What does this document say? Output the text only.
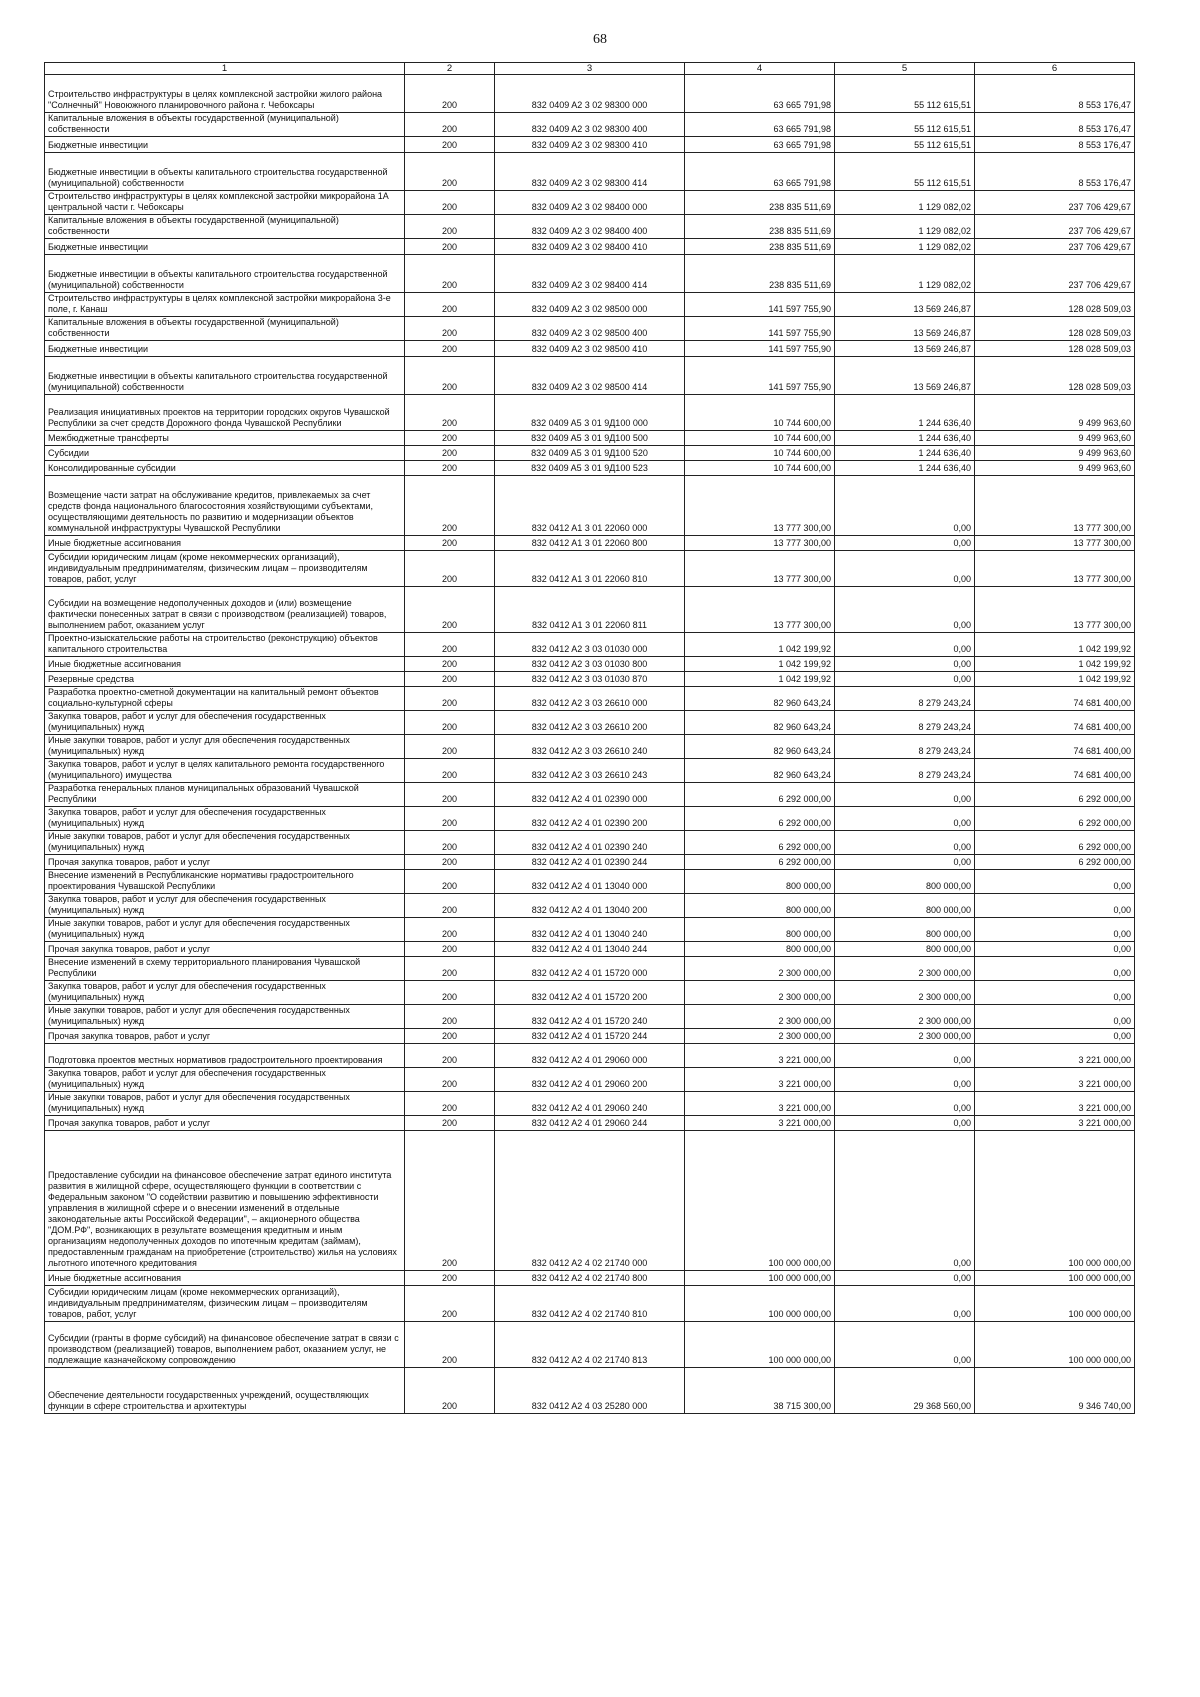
68
1	2	3	4	5	6
Строительство инфраструктуры в целях комплексной застройки жилого района "Солнечный" Новоюжного планировочного района г. Чебоксары	200	832 0409 A2 3 02 98300 000	63 665 791,98	55 112 615,51	8 553 176,47
Капитальные вложения в объекты государственной (муниципальной) собственности	200	832 0409 A2 3 02 98300 400	63 665 791,98	55 112 615,51	8 553 176,47
Бюджетные инвестиции	200	832 0409 A2 3 02 98300 410	63 665 791,98	55 112 615,51	8 553 176,47
Бюджетные инвестиции в объекты капитального строительства государственной (муниципальной) собственности	200	832 0409 A2 3 02 98300 414	63 665 791,98	55 112 615,51	8 553 176,47
Строительство инфраструктуры в целях комплексной застройки микрорайона 1А центральной части г. Чебоксары	200	832 0409 A2 3 02 98400 000	238 835 511,69	1 129 082,02	237 706 429,67
Капитальные вложения в объекты государственной (муниципальной) собственности	200	832 0409 A2 3 02 98400 400	238 835 511,69	1 129 082,02	237 706 429,67
Бюджетные инвестиции	200	832 0409 A2 3 02 98400 410	238 835 511,69	1 129 082,02	237 706 429,67
Бюджетные инвестиции в объекты капитального строительства государственной (муниципальной) собственности	200	832 0409 A2 3 02 98400 414	238 835 511,69	1 129 082,02	237 706 429,67
Строительство инфраструктуры в целях комплексной застройки микрорайона 3-е поле, г. Канаш	200	832 0409 A2 3 02 98500 000	141 597 755,90	13 569 246,87	128 028 509,03
Капитальные вложения в объекты государственной (муниципальной) собственности	200	832 0409 A2 3 02 98500 400	141 597 755,90	13 569 246,87	128 028 509,03
Бюджетные инвестиции	200	832 0409 A2 3 02 98500 410	141 597 755,90	13 569 246,87	128 028 509,03
Бюджетные инвестиции в объекты капитального строительства государственной (муниципальной) собственности	200	832 0409 A2 3 02 98500 414	141 597 755,90	13 569 246,87	128 028 509,03
Реализация инициативных проектов на территории городских округов Чувашской Республики за счет средств Дорожного фонда Чувашской Республики	200	832 0409 A5 3 01 9Д100 000	10 744 600,00	1 244 636,40	9 499 963,60
Межбюджетные трансферты	200	832 0409 A5 3 01 9Д100 500	10 744 600,00	1 244 636,40	9 499 963,60
Субсидии	200	832 0409 A5 3 01 9Д100 520	10 744 600,00	1 244 636,40	9 499 963,60
Консолидированные субсидии	200	832 0409 A5 3 01 9Д100 523	10 744 600,00	1 244 636,40	9 499 963,60
Возмещение части затрат на обслуживание кредитов, привлекаемых за счет средств фонда национального благосостояния хозяйствующими субъектами, осуществляющими деятельность по развитию и модернизации объектов коммунальной инфраструктуры Чувашской Республики	200	832 0412 A1 3 01 22060 000	13 777 300,00	0,00	13 777 300,00
Иные бюджетные ассигнования	200	832 0412 A1 3 01 22060 800	13 777 300,00	0,00	13 777 300,00
Субсидии юридическим лицам (кроме некоммерческих организаций), индивидуальным предпринимателям, физическим лицам – производителям товаров, работ, услуг	200	832 0412 A1 3 01 22060 810	13 777 300,00	0,00	13 777 300,00
Субсидии на возмещение недополученных доходов и (или) возмещение фактически понесенных затрат в связи с производством (реализацией) товаров, выполнением работ, оказанием услуг	200	832 0412 A1 3 01 22060 811	13 777 300,00	0,00	13 777 300,00
Проектно-изыскательские работы на строительство (реконструкцию) объектов капитального строительства	200	832 0412 A2 3 03 01030 000	1 042 199,92	0,00	1 042 199,92
Иные бюджетные ассигнования	200	832 0412 A2 3 03 01030 800	1 042 199,92	0,00	1 042 199,92
Резервные средства	200	832 0412 A2 3 03 01030 870	1 042 199,92	0,00	1 042 199,92
Разработка проектно-сметной документации на капитальный ремонт объектов социально-культурной сферы	200	832 0412 A2 3 03 26610 000	82 960 643,24	8 279 243,24	74 681 400,00
Закупка товаров, работ и услуг для обеспечения государственных (муниципальных) нужд	200	832 0412 A2 3 03 26610 200	82 960 643,24	8 279 243,24	74 681 400,00
Иные закупки товаров, работ и услуг для обеспечения государственных (муниципальных) нужд	200	832 0412 A2 3 03 26610 240	82 960 643,24	8 279 243,24	74 681 400,00
Закупка товаров, работ и услуг в целях капитального ремонта государственного (муниципального) имущества	200	832 0412 A2 3 03 26610 243	82 960 643,24	8 279 243,24	74 681 400,00
Разработка генеральных планов муниципальных образований Чувашской Республики	200	832 0412 A2 4 01 02390 000	6 292 000,00	0,00	6 292 000,00
Закупка товаров, работ и услуг для обеспечения государственных (муниципальных) нужд	200	832 0412 A2 4 01 02390 200	6 292 000,00	0,00	6 292 000,00
Иные закупки товаров, работ и услуг для обеспечения государственных (муниципальных) нужд	200	832 0412 A2 4 01 02390 240	6 292 000,00	0,00	6 292 000,00
Прочая закупка товаров, работ и услуг	200	832 0412 A2 4 01 02390 244	6 292 000,00	0,00	6 292 000,00
Внесение изменений в Республиканские нормативы градостроительного проектирования Чувашской Республики	200	832 0412 A2 4 01 13040 000	800 000,00	800 000,00	0,00
Закупка товаров, работ и услуг для обеспечения государственных (муниципальных) нужд	200	832 0412 A2 4 01 13040 200	800 000,00	800 000,00	0,00
Иные закупки товаров, работ и услуг для обеспечения государственных (муниципальных) нужд	200	832 0412 A2 4 01 13040 240	800 000,00	800 000,00	0,00
Прочая закупка товаров, работ и услуг	200	832 0412 A2 4 01 13040 244	800 000,00	800 000,00	0,00
Внесение изменений в схему территориального планирования Чувашской Республики	200	832 0412 A2 4 01 15720 000	2 300 000,00	2 300 000,00	0,00
Закупка товаров, работ и услуг для обеспечения государственных (муниципальных) нужд	200	832 0412 A2 4 01 15720 200	2 300 000,00	2 300 000,00	0,00
Иные закупки товаров, работ и услуг для обеспечения государственных (муниципальных) нужд	200	832 0412 A2 4 01 15720 240	2 300 000,00	2 300 000,00	0,00
Прочая закупка товаров, работ и услуг	200	832 0412 A2 4 01 15720 244	2 300 000,00	2 300 000,00	0,00
Подготовка проектов местных нормативов градостроительного проектирования	200	832 0412 A2 4 01 29060 000	3 221 000,00	0,00	3 221 000,00
Закупка товаров, работ и услуг для обеспечения государственных (муниципальных) нужд	200	832 0412 A2 4 01 29060 200	3 221 000,00	0,00	3 221 000,00
Иные закупки товаров, работ и услуг для обеспечения государственных (муниципальных) нужд	200	832 0412 A2 4 01 29060 240	3 221 000,00	0,00	3 221 000,00
Прочая закупка товаров, работ и услуг	200	832 0412 A2 4 01 29060 244	3 221 000,00	0,00	3 221 000,00
Предоставление субсидии на финансовое обеспечение затрат единого института развития в жилищной сфере, осуществляющего функции в соответствии с Федеральным законом "О содействии развитию и повышению эффективности управления в жилищной сфере и о внесении изменений в отдельные законодательные акты Российской Федерации", – акционерного общества "ДОМ.РФ", возникающих в результате возмещения кредитным и иным организациям недополученных доходов по ипотечным кредитам (займам), предоставленным гражданам на приобретение (строительство) жилья на условиях льготного ипотечного кредитования	200	832 0412 A2 4 02 21740 000	100 000 000,00	0,00	100 000 000,00
Иные бюджетные ассигнования	200	832 0412 A2 4 02 21740 800	100 000 000,00	0,00	100 000 000,00
Субсидии юридическим лицам (кроме некоммерческих организаций), индивидуальным предпринимателям, физическим лицам – производителям товаров, работ, услуг	200	832 0412 A2 4 02 21740 810	100 000 000,00	0,00	100 000 000,00
Субсидии (гранты в форме субсидий) на финансовое обеспечение затрат в связи с производством (реализацией) товаров, выполнением работ, оказанием услуг, не подлежащие казначейскому сопровождению	200	832 0412 A2 4 02 21740 813	100 000 000,00	0,00	100 000 000,00
Обеспечение деятельности государственных учреждений, осуществляющих функции в сфере строительства и архитектуры	200	832 0412 A2 4 03 25280 000	38 715 300,00	29 368 560,00	9 346 740,00
